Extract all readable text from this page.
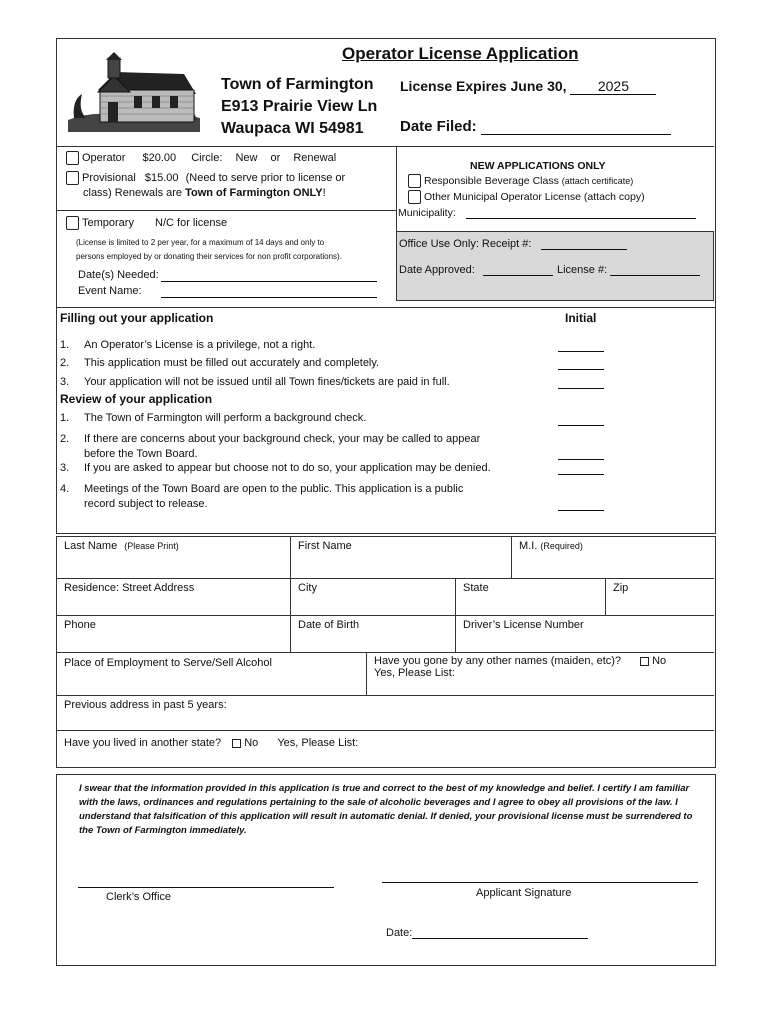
Operator License Application
Town of Farmington
E913 Prairie View Ln
Waupaca WI 54981
License Expires June 30, 2025
Date Filed:
Operator $20.00 Circle: New or Renewal
Provisional $15.00 (Need to serve prior to license or
class) Renewals are Town of Farmington ONLY!
Temporary N/C for license
(License is limited to 2 per year, for a maximum of 14 days and only to
persons employed by or donating their services for non profit corporations).
Date(s) Needed:
Event Name:
NEW APPLICATIONS ONLY
Responsible Beverage Class (attach certificate)
Other Municipal Operator License (attach copy)
Municipality:
Office Use Only: Receipt #:
Date Approved:	License #:
Filling out your application	Initial
1. An Operator’s License is a privilege, not a right.
2. This application must be filled out accurately and completely.
3. Your application will not be issued until all Town fines/tickets are paid in full.
Review of your application
1. The Town of Farmington will perform a background check.
2. If there are concerns about your background check, your may be called to appear
before the Town Board.
3. If you are asked to appear but choose not to do so, your application may be denied.
4. Meetings of the Town Board are open to the public. This application is a public
record subject to release.
Last Name (Please Print)	First Name	M.I. (Required)
Residence: Street Address	City	State	Zip
Phone	Date of Birth	Driver’s License Number
Place of Employment to Serve/Sell Alcohol	Have you gone by any other names (maiden, etc)?	No
Yes, Please List:
Previous address in past 5 years:
Have you lived in another state? No Yes, Please List:

I swear that the information provided in this application is true and correct to the best of my knowledge and belief. I certify I am familiar with the laws, ordinances and regulations pertaining to the sale of alcoholic beverages and I agree to obey all provisions of the law. I understand that falsification of this application will result in automatic denial. If denied, your provisional license must be surrendered to the Town of Farmington immediately.

Clerk’s Office	Applicant Signature
Date:
